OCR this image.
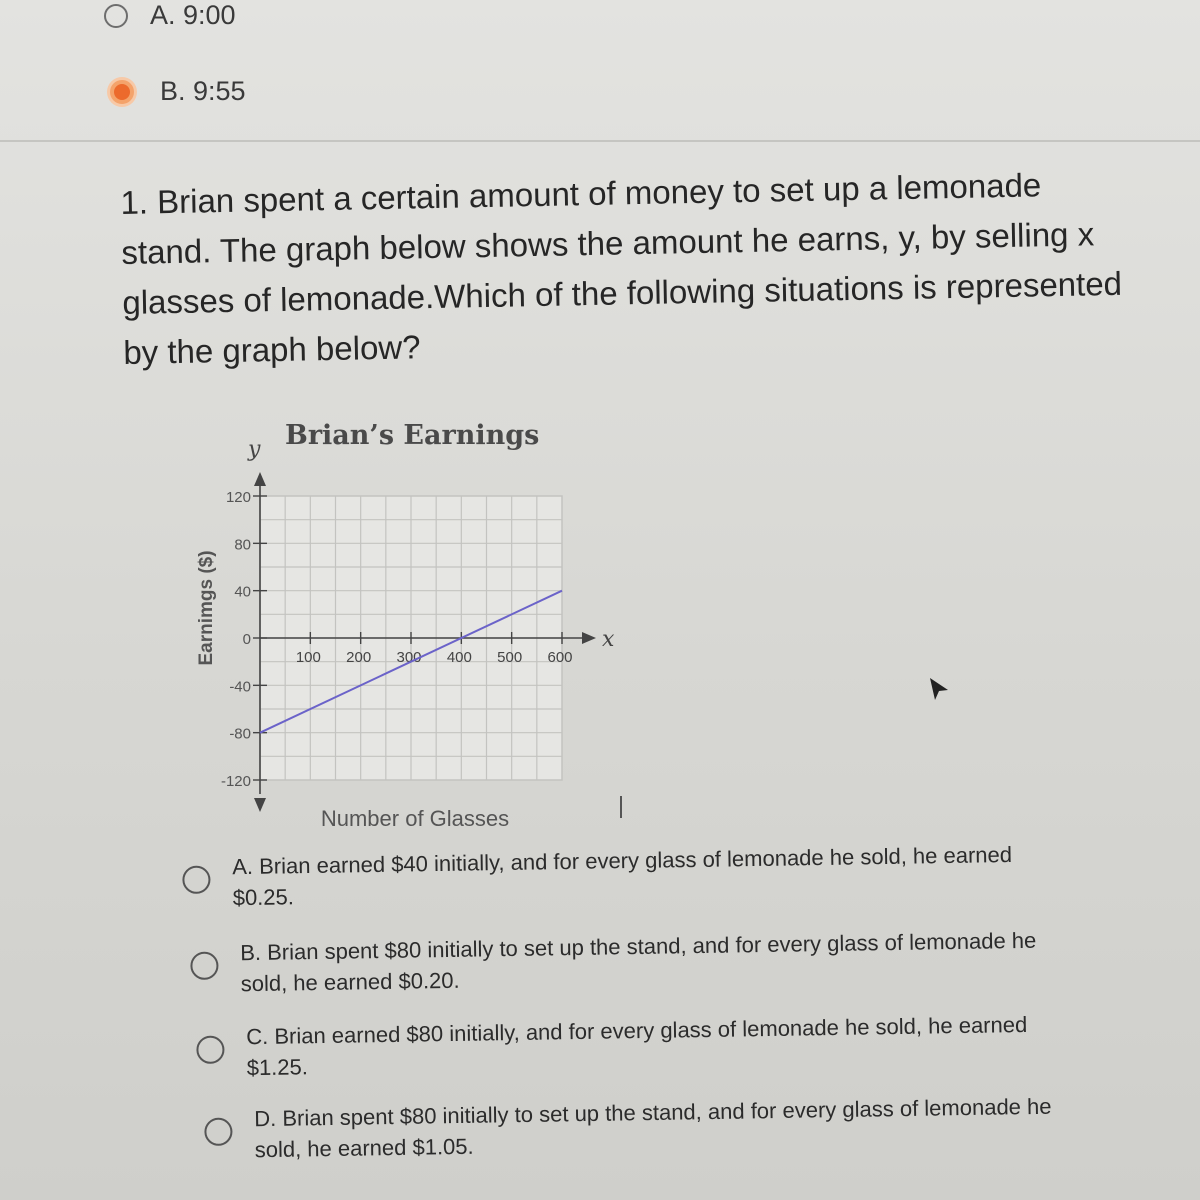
A. 9:00
B. 9:55

1. Brian spent a certain amount of money to set up a lemonade stand. The graph below shows the amount he earns, y, by selling x glasses of lemonade.Which of the following situations is represented by the graph below?

Brian’s Earnings
y
x
120
80
40
0
-40
-80
-120
100 200 300 400 500 600
Earnimgs ($)
Number of Glasses
A. Brian earned $40 initially, and for every glass of lemonade he sold, he earned $0.25.
B. Brian spent $80 initially to set up the stand, and for every glass of lemonade he sold, he earned $0.20.
C. Brian earned $80 initially, and for every glass of lemonade he sold, he earned $1.25.
D. Brian spent $80 initially to set up the stand, and for every glass of lemonade he sold, he earned $1.05.
